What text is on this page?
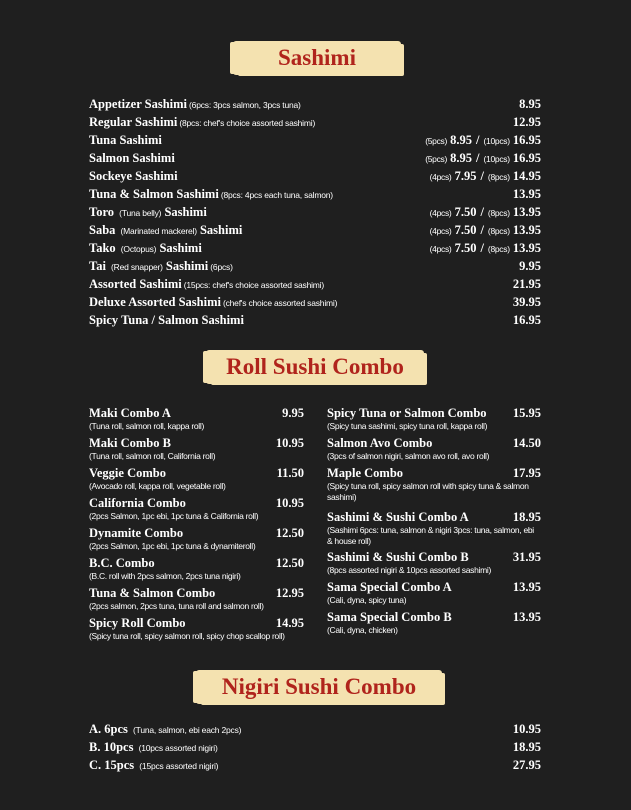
Sashimi
Roll Sushi Combo
Nigiri Sushi Combo
Appetizer Sashimi (6pcs: 3pcs salmon, 3pcs tuna)	8.95
Regular Sashimi (8pcs: chef's choice assorted sashimi)	12.95
Tuna Sashimi	(5pcs) 8.95 / (10pcs) 16.95
Salmon Sashimi	(5pcs) 8.95 / (10pcs) 16.95
Sockeye Sashimi	(4pcs) 7.95 / (8pcs) 14.95
Tuna & Salmon Sashimi (8pcs: 4pcs each tuna, salmon)	13.95
Toro (Tuna belly) Sashimi	(4pcs) 7.50 / (8pcs) 13.95
Saba (Marinated mackerel) Sashimi	(4pcs) 7.50 / (8pcs) 13.95
Tako (Octopus) Sashimi	(4pcs) 7.50 / (8pcs) 13.95
Tai (Red snapper) Sashimi (6pcs)	9.95
Assorted Sashimi (15pcs: chef's choice assorted sashimi)	21.95
Deluxe Assorted Sashimi (chef's choice assorted sashimi)	39.95
Spicy Tuna / Salmon Sashimi	16.95
Maki Combo A	9.95
(Tuna roll, salmon roll, kappa roll)
Maki Combo B	10.95
(Tuna roll, salmon roll, California roll)
Veggie Combo	11.50
(Avocado roll, kappa roll, vegetable roll)
California Combo	10.95
(2pcs Salmon, 1pc ebi, 1pc tuna & California roll)
Dynamite Combo	12.50
(2pcs Salmon, 1pc ebi, 1pc tuna & dynamiteroll)
B.C. Combo	12.50
(B.C. roll with 2pcs salmon, 2pcs tuna nigiri)
Tuna & Salmon Combo	12.95
(2pcs salmon, 2pcs tuna, tuna roll and salmon roll)
Spicy Roll Combo	14.95
(Spicy tuna roll, spicy salmon roll, spicy chop scallop roll)
Spicy Tuna or Salmon Combo 15.95
(Spicy tuna sashimi, spicy tuna roll, kappa roll)
Salmon Avo Combo	14.50
(3pcs of salmon nigiri, salmon avo roll, avo roll)
Maple Combo	17.95
(Spicy tuna roll, spicy salmon roll with spicy tuna & salmon sashimi)
Sashimi & Sushi Combo A	18.95
(Sashimi 6pcs: tuna, salmon & nigiri 3pcs: tuna, salmon, ebi & house roll)
Sashimi & Sushi Combo B	31.95
(8pcs assorted nigiri & 10pcs assorted sashimi)
Sama Special Combo A	13.95
(Cali, dyna, spicy tuna)
Sama Special Combo B	13.95
(Cali, dyna, chicken)
A. 6pcs (Tuna, salmon, ebi each 2pcs)	10.95
B. 10pcs (10pcs assorted nigiri)	18.95
C. 15pcs (15pcs assorted nigiri)	27.95
